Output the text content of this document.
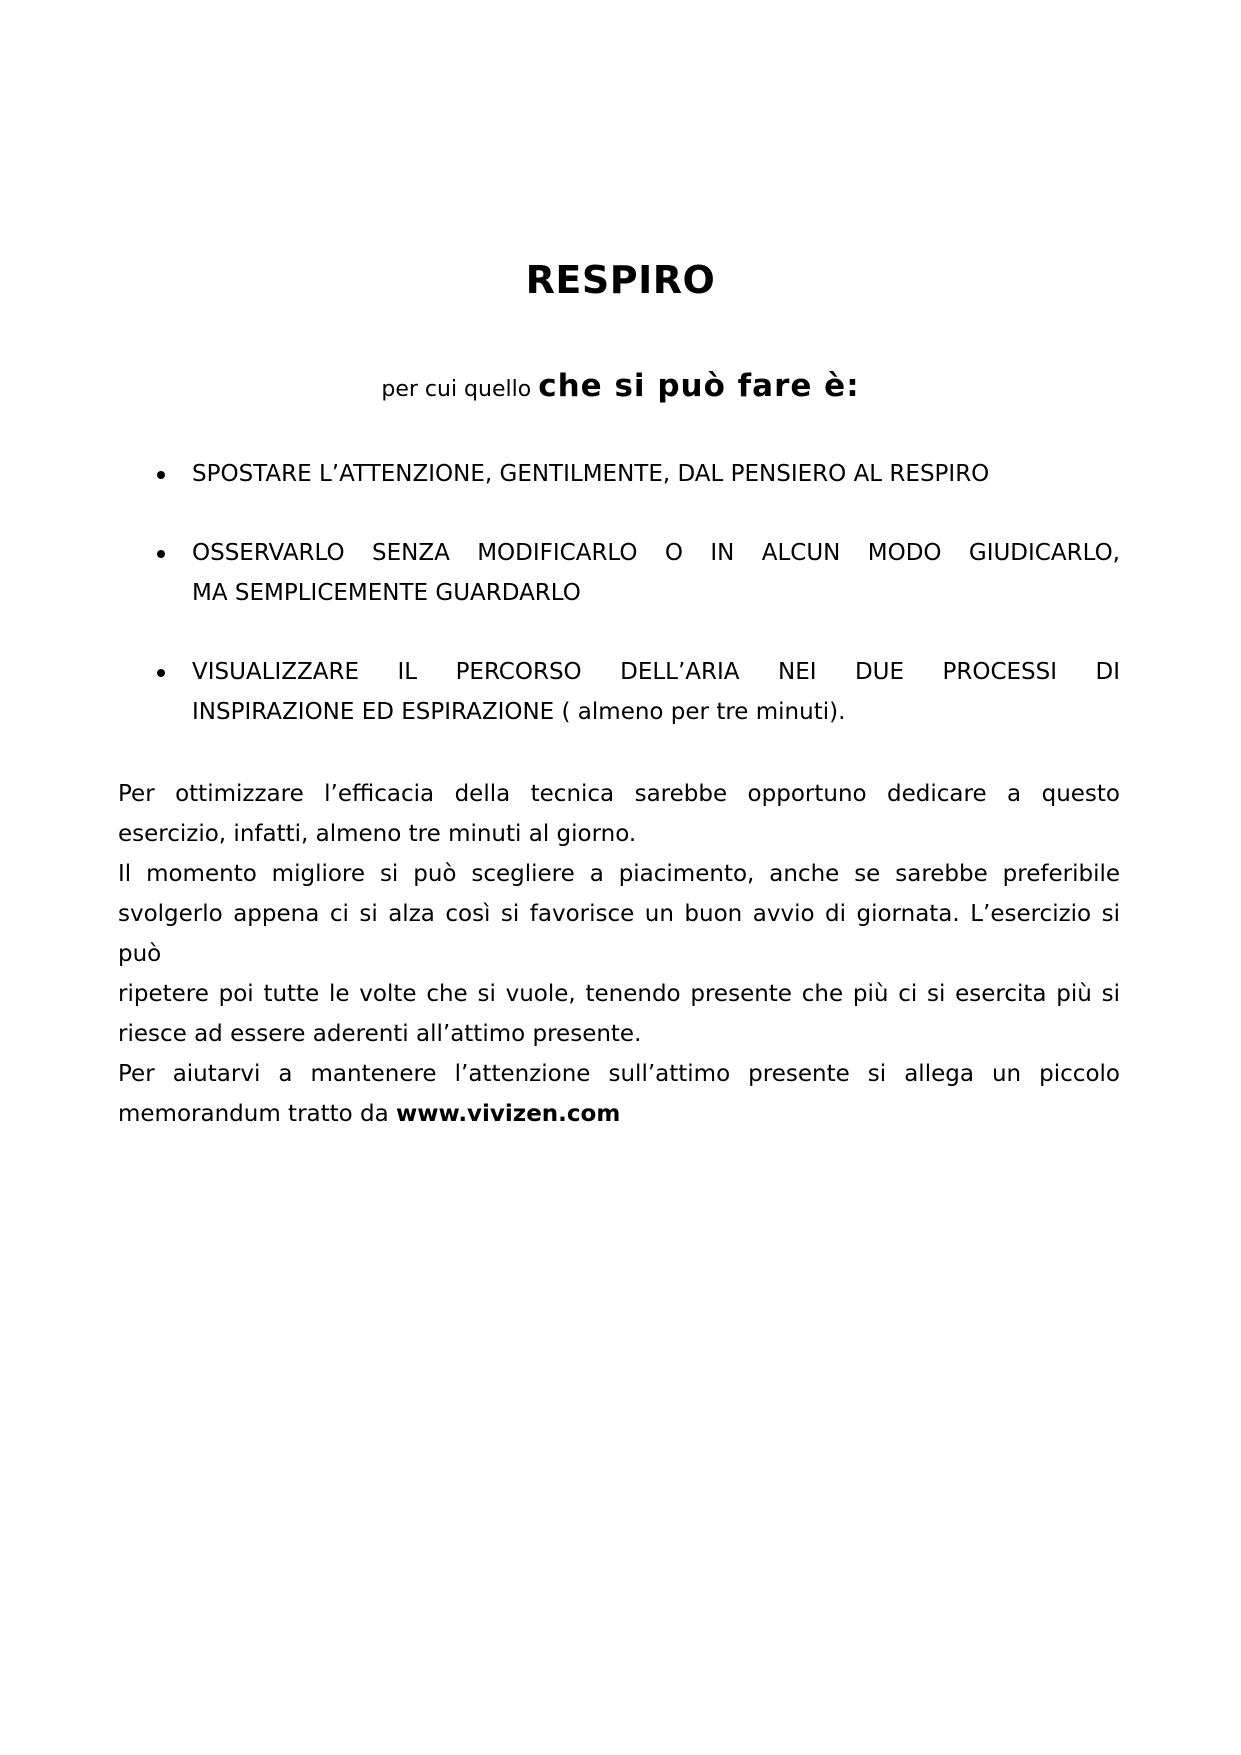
RESPIRO
per cui quello che si può fare è:
SPOSTARE L’ATTENZIONE, GENTILMENTE, DAL PENSIERO AL RESPIRO
OSSERVARLO SENZA MODIFICARLO O IN ALCUN MODO GIUDICARLO,
MA SEMPLICEMENTE GUARDARLO
VISUALIZZARE IL PERCORSO DELL’ARIA NEI DUE PROCESSI DI
INSPIRAZIONE ED ESPIRAZIONE ( almeno per tre minuti).
Per ottimizzare l’efficacia della tecnica sarebbe opportuno dedicare a questo
esercizio, infatti, almeno tre minuti al giorno.
Il momento migliore si può scegliere a piacimento, anche se sarebbe preferibile
svolgerlo appena ci si alza così si favorisce un buon avvio di giornata. L’esercizio si può
ripetere poi tutte le volte che si vuole, tenendo presente che più ci si esercita più si
riesce ad essere aderenti all’attimo presente.
Per aiutarvi a mantenere l’attenzione sull’attimo presente si allega un piccolo
memorandum tratto da www.vivizen.com
